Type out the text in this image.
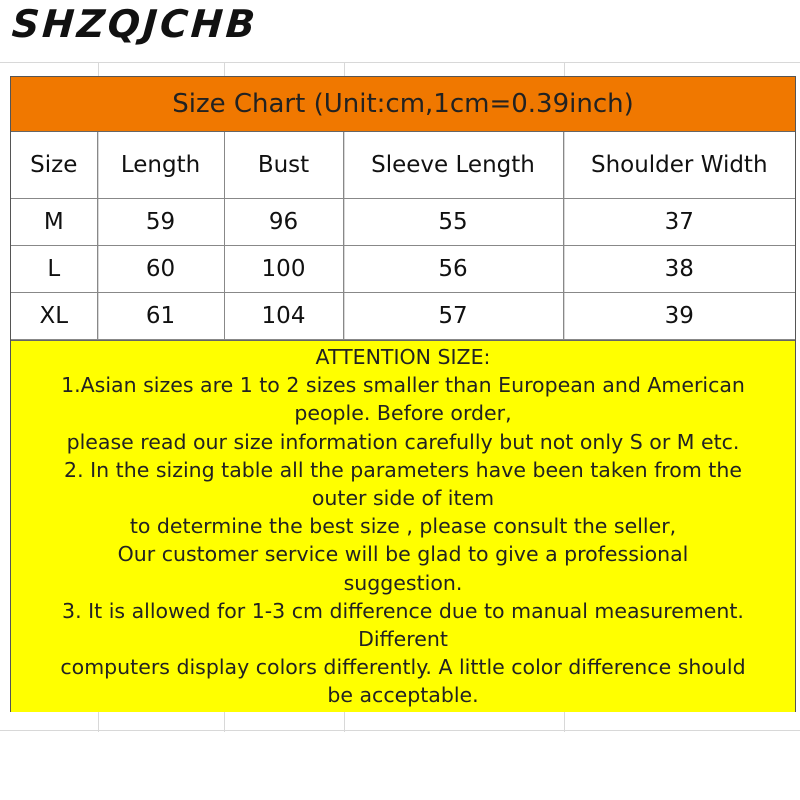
SHZQJCHB
Size Chart (Unit:cm,1cm=0.39inch)
Size	Length	Bust	Sleeve Length	Shoulder Width
M	59	96	55	37
L	60	100	56	38
XL	61	104	57	39
ATTENTION SIZE:
1.Asian sizes are 1 to 2 sizes smaller than European and American
people. Before order,
please read our size information carefully but not only S or M etc.
2. In the sizing table all the parameters have been taken from the
outer side of item
to determine the best size , please consult the seller,
Our customer service will be glad to give a professional
suggestion.
3. It is allowed for 1-3 cm difference due to manual measurement.
Different
computers display colors differently. A little color difference should
be acceptable.
